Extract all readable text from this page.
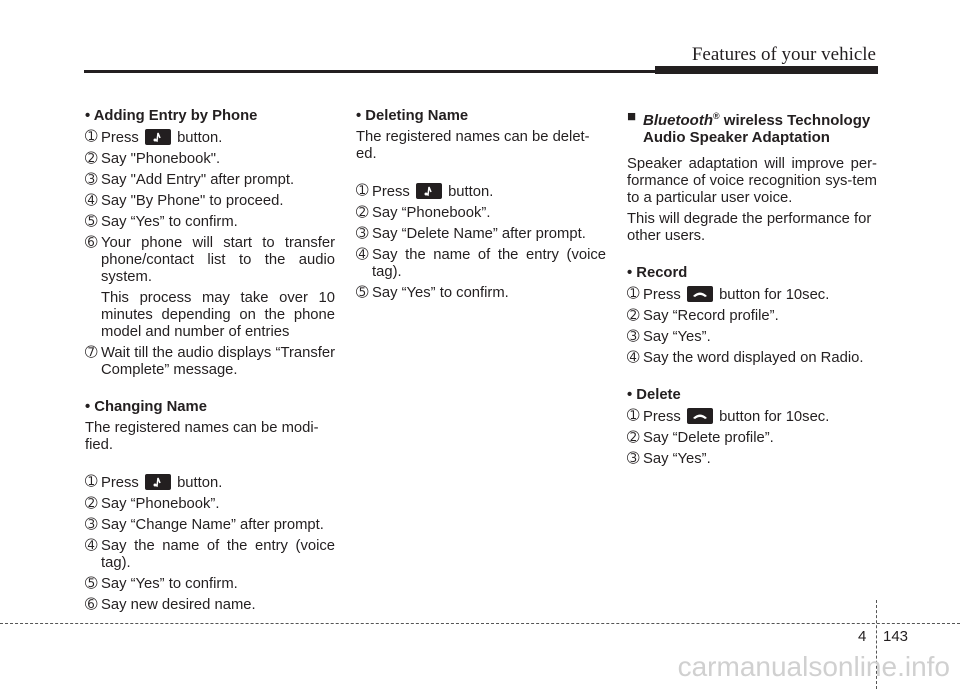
Features of your vehicle
• Adding Entry by Phone
➀ Press	button.
➁ Say "Phonebook".
➂ Say "Add Entry" after prompt.
➃ Say "By Phone" to proceed.
➄ Say “Yes” to confirm.
➅ Your phone will start to transfer phone/contact list to the audio system.
This process may take over 10 minutes depending on the phone model and number of entries
➆ Wait till the audio displays “Transfer Complete” message.
• Changing Name
The registered names can be modi-fied.
➀ Press	button.
➁ Say “Phonebook”.
➂ Say “Change Name” after prompt.
➃ Say the name of the entry (voice tag).
➄ Say “Yes” to confirm.
➅ Say new desired name.
• Deleting Name
The registered names can be delet-ed.
➀ Press	button.
➁ Say “Phonebook”.
➂ Say “Delete Name” after prompt.
➃ Say the name of the entry (voice tag).
➄ Say “Yes” to confirm.
■ Bluetooth® wireless Technology Audio Speaker Adaptation
Speaker adaptation will improve per-formance of voice recognition sys-tem to a particular user voice.
This will degrade the performance for other users.
• Record
➀ Press	button for 10sec.
➁ Say “Record profile”.
➂ Say “Yes”.
➃ Say the word displayed on Radio.
• Delete
➀ Press	button for 10sec.
➁ Say “Delete profile”.
➂ Say “Yes”.
4 143
carmanualsonline.info
